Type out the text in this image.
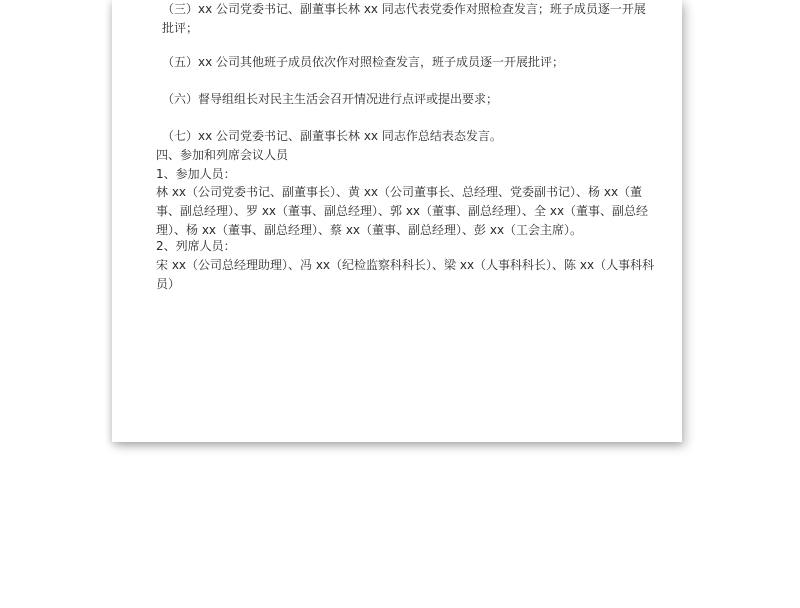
（三）xx 公司党委书记、副董事长林 xx 同志代表党委作对照检查发言；班子成员逐一开展批评；

（五）xx 公司其他班子成员依次作对照检查发言，班子成员逐一开展批评；

（六）督导组组长对民主生活会召开情况进行点评或提出要求；

（七）xx 公司党委书记、副董事长林 xx 同志作总结表态发言。

四、参加和列席会议人员

1、参加人员：

林 xx（公司党委书记、副董事长）、黄 xx（公司董事长、总经理、党委副书记）、杨 xx（董事、副总经理）、罗 xx（董事、副总经理）、郭 xx（董事、副总经理）、全 xx（董事、副总经理）、杨 xx（董事、副总经理）、蔡 xx（董事、副总经理）、彭 xx（工会主席）。

2、列席人员：

宋 xx（公司总经理助理）、冯 xx（纪检监察科科长）、梁 xx（人事科科长）、陈 xx（人事科科员）
